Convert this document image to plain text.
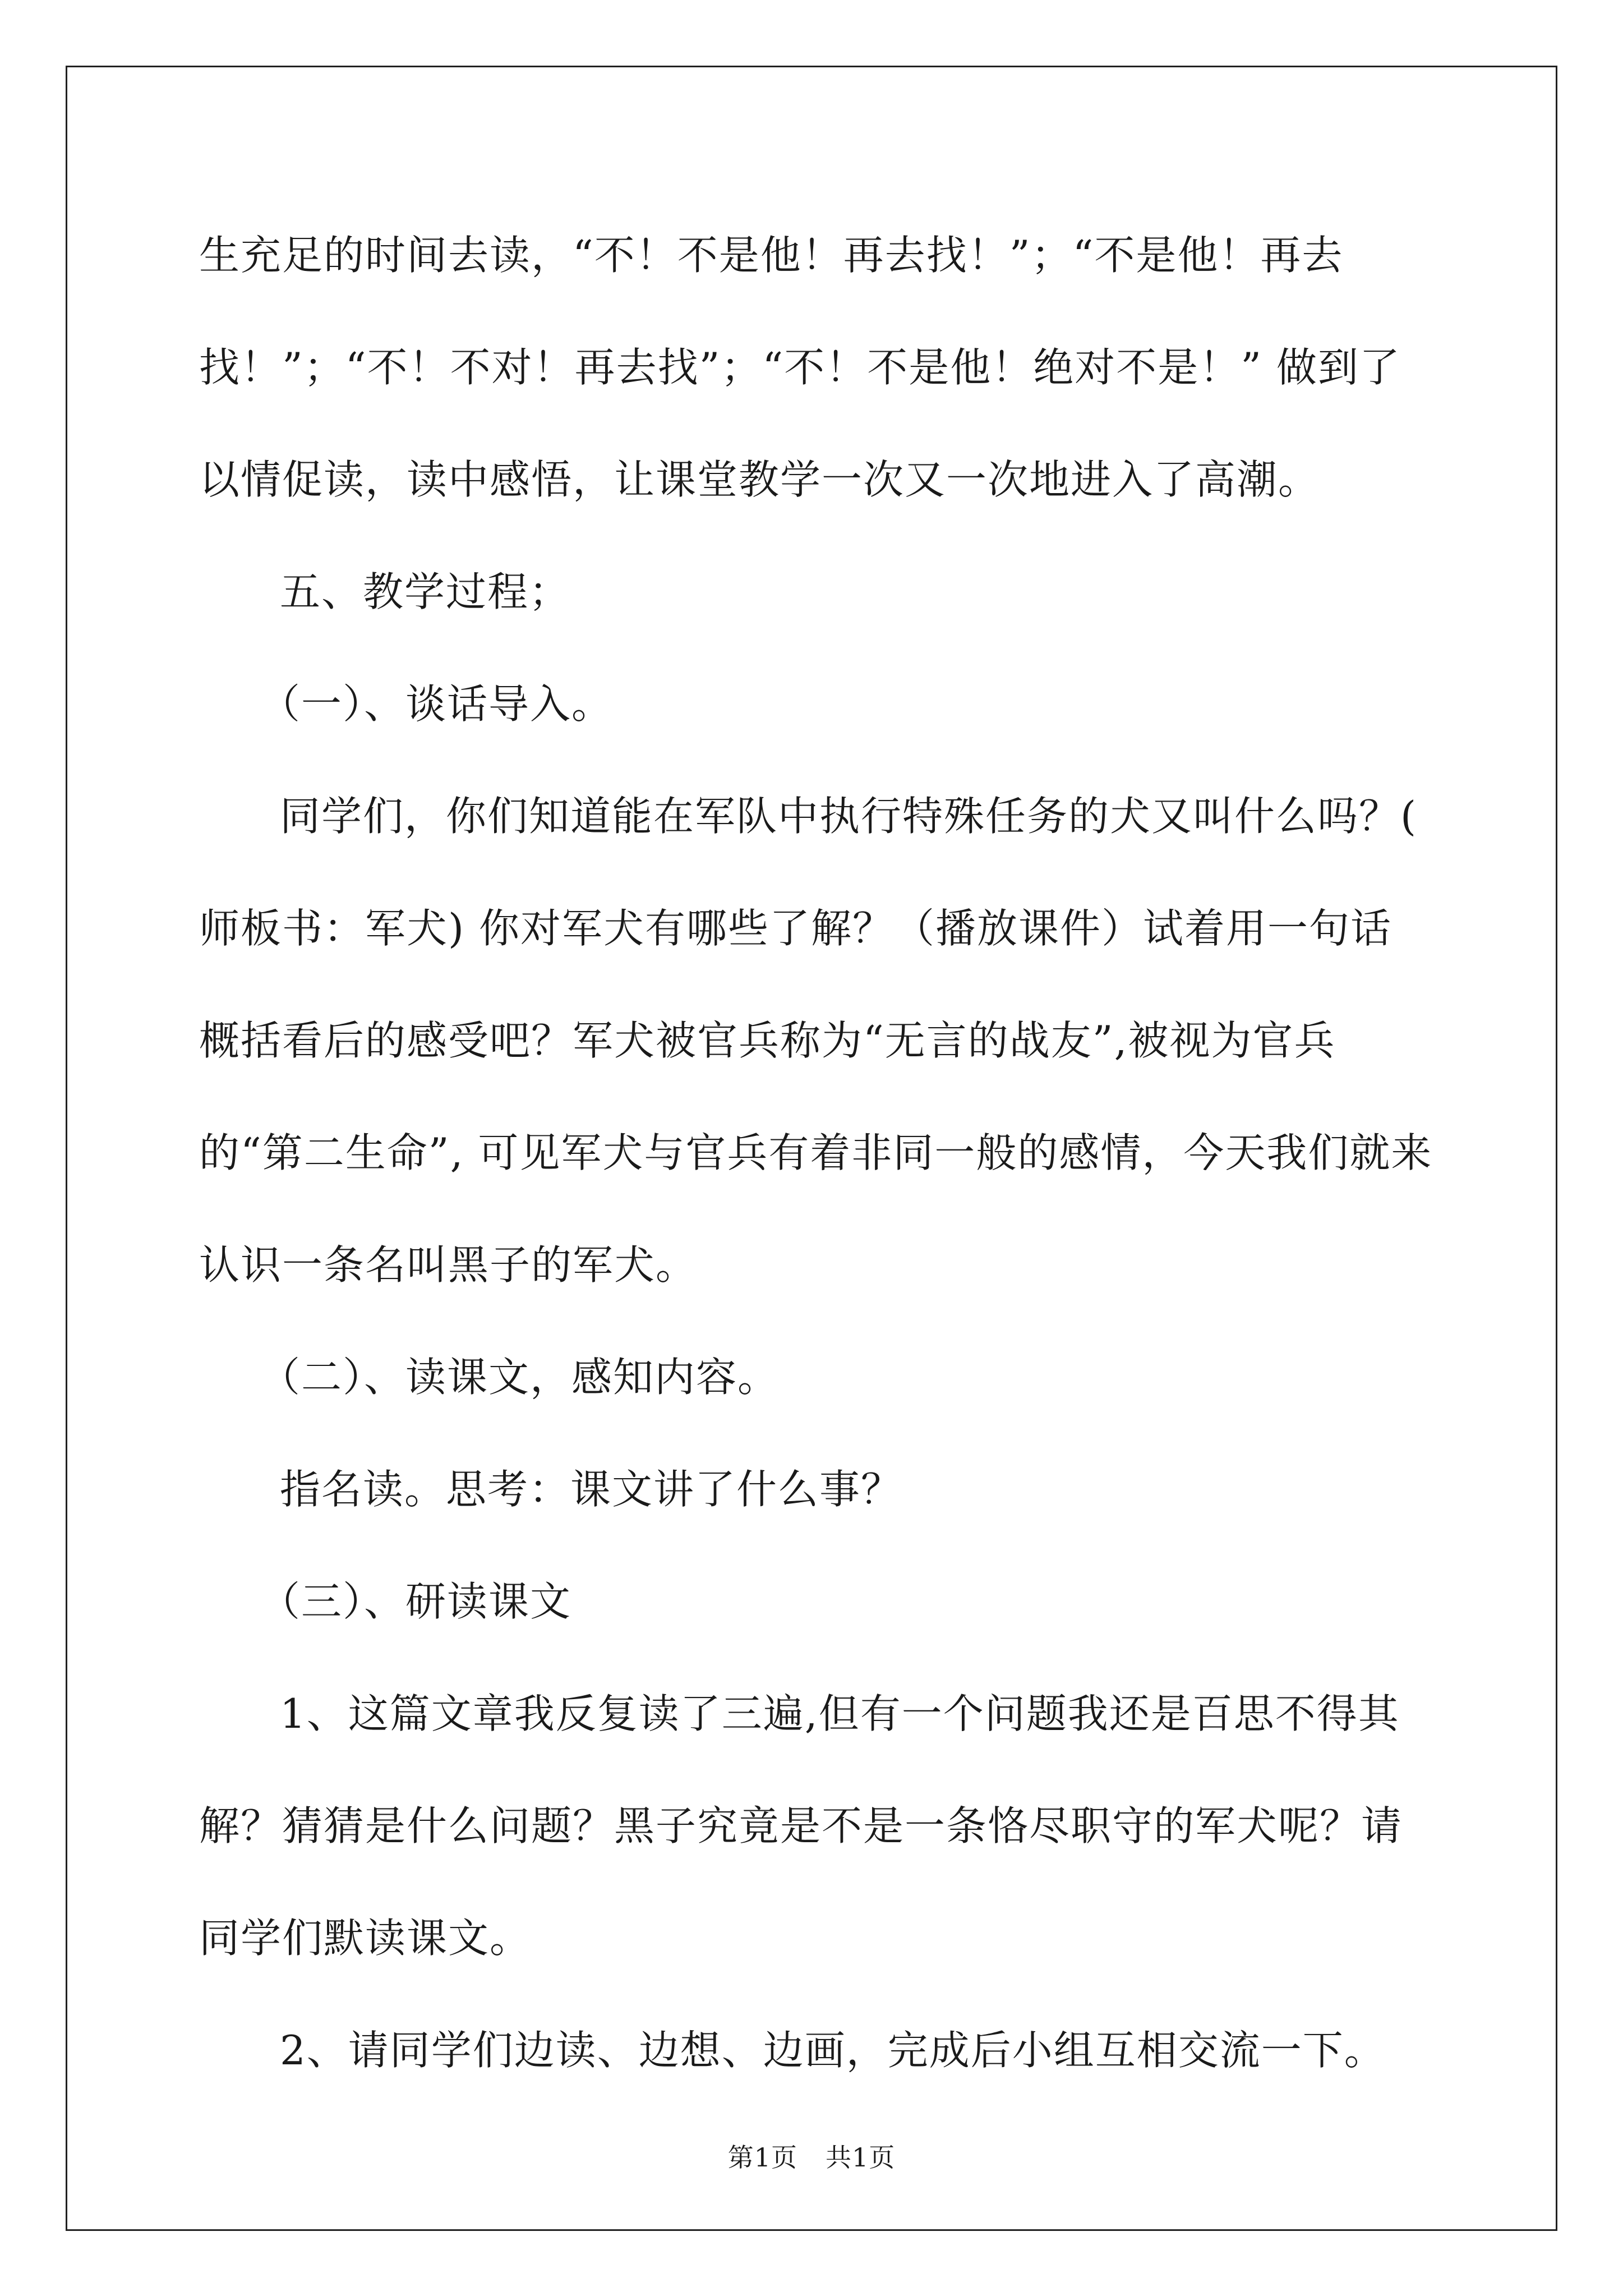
生充足的时间去读，“不！不是他！再去找！”；“不是他！再去找！”；“不！不对！再去找”；“不！不是他！绝对不是！” 做到了以情促读，读中感悟，让课堂教学一次又一次地进入了高潮。

五、教学过程；

（一）、谈话导入。

同学们，你们知道能在军队中执行特殊任务的犬又叫什么吗？( 师板书：军犬) 你对军犬有哪些了解？（播放课件）试着用一句话概括看后的感受吧？军犬被官兵称为“无言的战友”,被视为官兵的“第二生命”, 可见军犬与官兵有着非同一般的感情，今天我们就来认识一条名叫黑子的军犬。

（二）、读课文，感知内容。

指名读。思考：课文讲了什么事？

（三）、研读课文

1、这篇文章我反复读了三遍,但有一个问题我还是百思不得其解？猜猜是什么问题？黑子究竟是不是一条恪尽职守的军犬呢？请同学们默读课文。

2、请同学们边读、边想、边画，完成后小组互相交流一下。

第1页 共1页
